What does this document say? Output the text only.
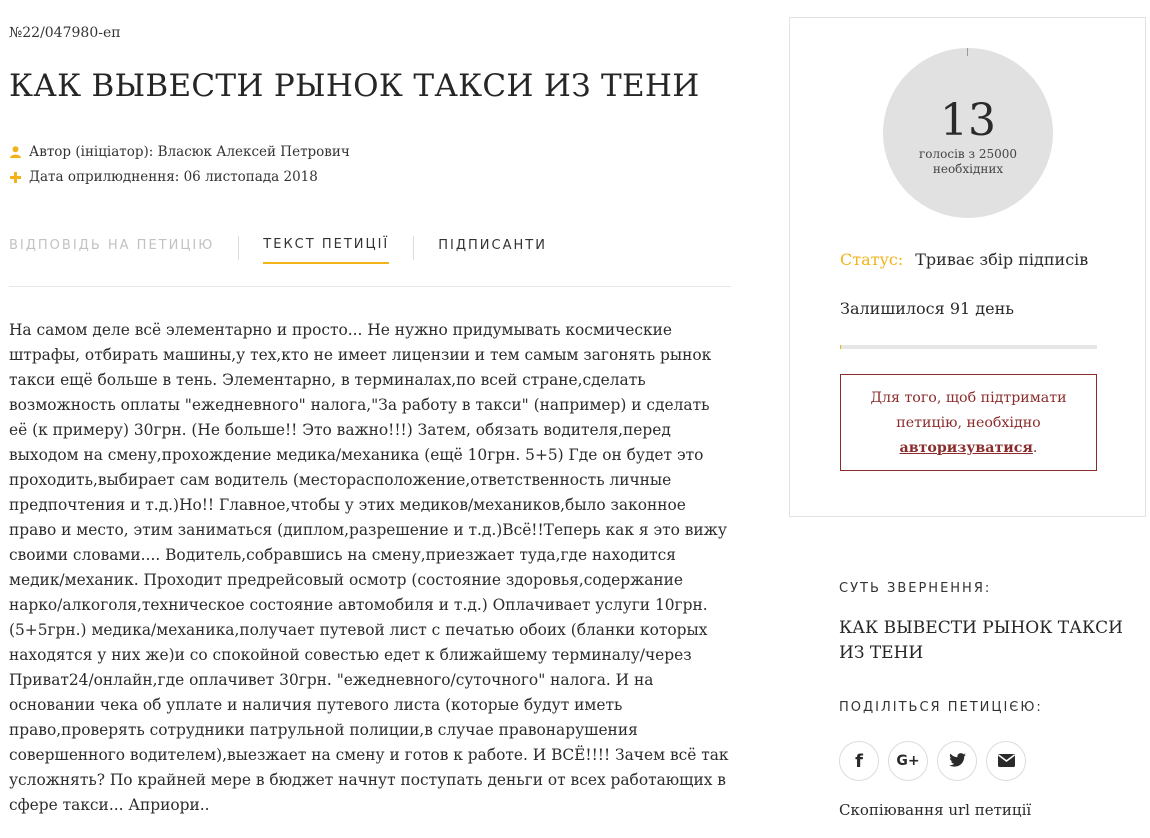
№22/047980-еп
КАК ВЫВЕСТИ РЫНОК ТАКСИ ИЗ ТЕНИ
Автор (ініціатор):
Власюк Алексей Петрович
Дата оприлюднення:
06 листопада 2018
ВІДПОВІДЬ НА ПЕТИЦІЮ	ТЕКСТ ПЕТИЦІЇ	ПІДПИСАНТИ

На самом деле всё элементарно и просто... Не нужно придумывать космические штрафы, отбирать машины,у тех,кто не имеет лицензии и тем самым загонять рынок такси ещё больше в тень. Элементарно, в терминалах,по всей стране,сделать возможность оплаты "ежедневного" налога,"За работу в такси" (например) и сделать её (к примеру) 30грн. (Не больше!! Это важно!!!) Затем, обязать водителя,перед выходом на смену,прохождение медика/механика (ещё 10грн. 5+5) Где он будет это проходить,выбирает сам водитель (месторасположение,ответственность личные предпочтения и т.д.)Но!! Главное,чтобы у этих медиков/механиков,было законное право и место, этим заниматься (диплом,разрешение и т.д.)Всё!!Теперь как я это вижу своими словами.... Водитель,собравшись на смену,приезжает туда,где находится медик/механик. Проходит предрейсовый осмотр (состояние здоровья,содержание нарко/алкоголя,техническое состояние автомобиля и т.д.) Оплачивает услуги 10грн.(5+5грн.) медика/механика,получает путевой лист с печатью обоих (бланки которых находятся у них же)и со спокойной совестью едет к ближайшему терминалу/через Приват24/онлайн,где оплачивет 30грн. "ежедневного/суточного" налога. И на основании чека об уплате и наличия путевого листа (которые будут иметь право,проверять сотрудники патрульной полиции,в случае правонарушения совершенного водителем),выезжает на смену и готов к работе. И ВСЁ!!!! Зачем всё так усложнять? По крайней мере в бюджет начнут поступать деньги от всех работающих в сфере такси... Априори..

13
голосів з 25000
необхідних
Статус: Триває збір підписів
Залишилося 91 день
Для того, щоб підтримати петицію, необхідно
авторизуватися.
СУТЬ ЗВЕРНЕННЯ:
КАК ВЫВЕСТИ РЫНОК ТАКСИ ИЗ ТЕНИ
ПОДІЛІТЬСЯ ПЕТИЦІЄЮ:
f G+
Скопіювання url петиції
